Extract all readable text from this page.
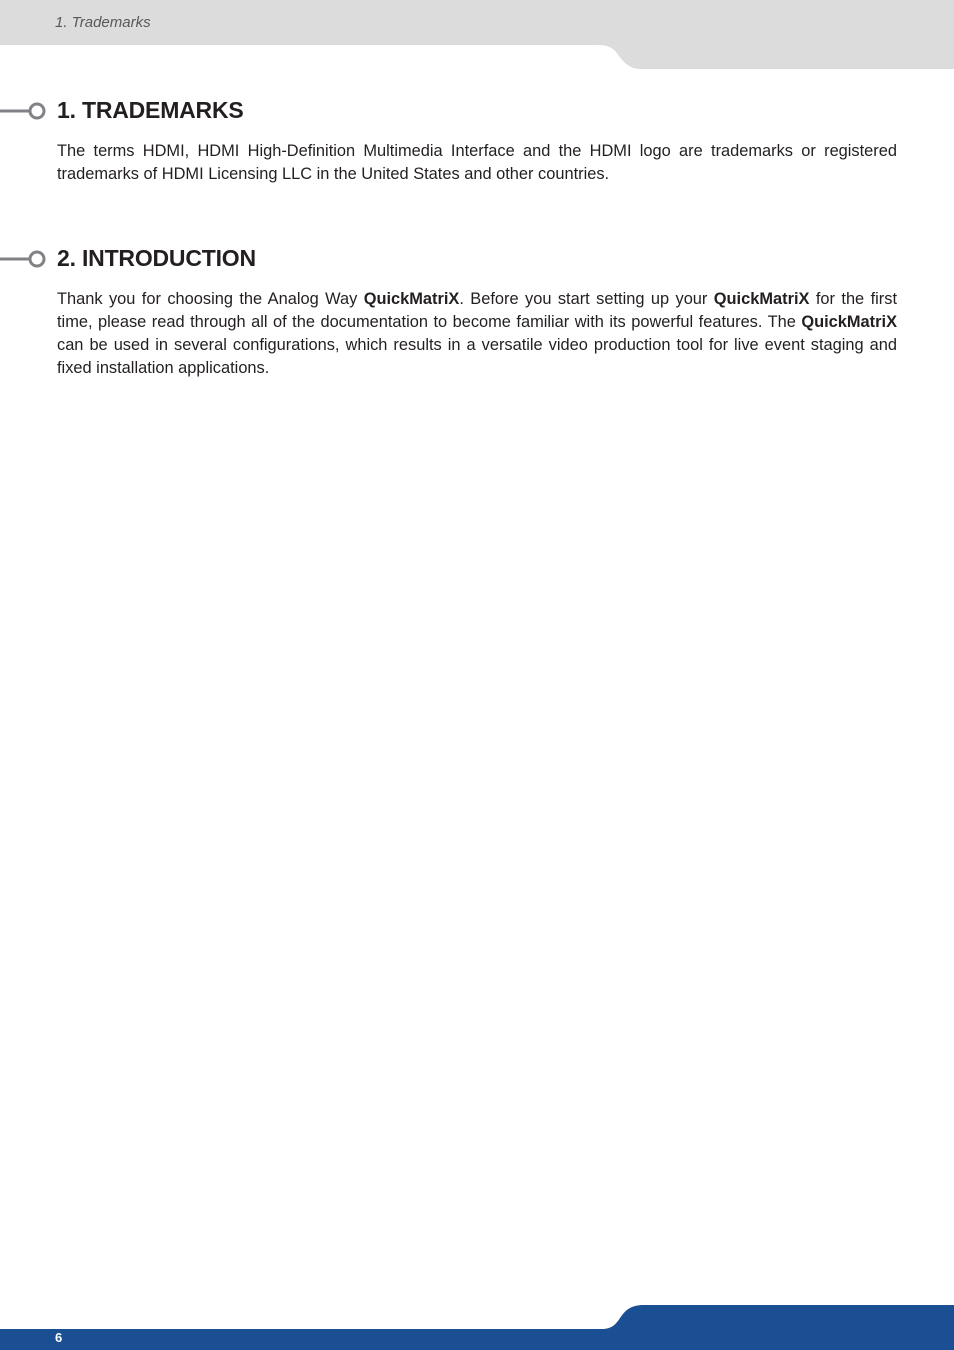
1. Trademarks
1. TRADEMARKS

The terms HDMI, HDMI High-Definition Multimedia Interface and the HDMI logo are trademarks or registered trademarks of HDMI Licensing LLC in the United States and other countries.

2. INTRODUCTION

Thank you for choosing the Analog Way QuickMatriX. Before you start setting up your QuickMatriX for the first time, please read through all of the documentation to become familiar with its powerful features. The QuickMatriX can be used in several configurations, which results in a versatile video production tool for live event staging and fixed installation applications.

6
